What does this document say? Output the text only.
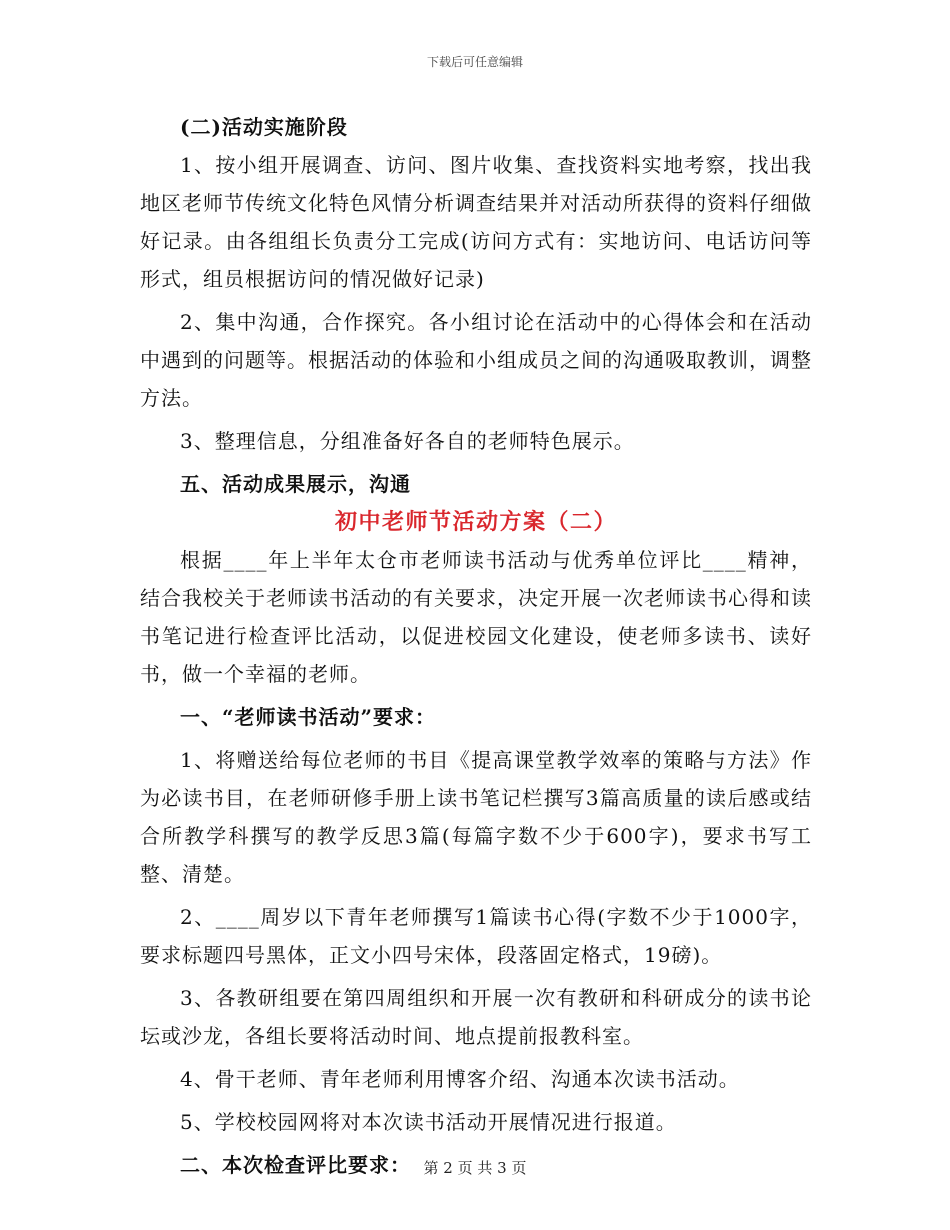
下载后可任意编辑

(二)活动实施阶段

1、按小组开展调查、访问、图片收集、查找资料实地考察，找出我地区老师节传统文化特色风情分析调查结果并对活动所获得的资料仔细做好记录。由各组组长负责分工完成(访问方式有：实地访问、电话访问等形式，组员根据访问的情况做好记录)

2、集中沟通，合作探究。各小组讨论在活动中的心得体会和在活动中遇到的问题等。根据活动的体验和小组成员之间的沟通吸取教训，调整方法。

3、整理信息，分组准备好各自的老师特色展示。

五、活动成果展示，沟通

初中老师节活动方案（二）

根据____年上半年太仓市老师读书活动与优秀单位评比____精神，结合我校关于老师读书活动的有关要求，决定开展一次老师读书心得和读书笔记进行检查评比活动，以促进校园文化建设，使老师多读书、读好书，做一个幸福的老师。

一、“老师读书活动”要求：

1、将赠送给每位老师的书目《提高课堂教学效率的策略与方法》作为必读书目，在老师研修手册上读书笔记栏撰写3篇高质量的读后感或结合所教学科撰写的教学反思3篇(每篇字数不少于600字)，要求书写工整、清楚。

2、____周岁以下青年老师撰写1篇读书心得(字数不少于1000字，要求标题四号黑体，正文小四号宋体，段落固定格式，19磅)。

3、各教研组要在第四周组织和开展一次有教研和科研成分的读书论坛或沙龙，各组长要将活动时间、地点提前报教科室。

4、骨干老师、青年老师利用博客介绍、沟通本次读书活动。

5、学校校园网将对本次读书活动开展情况进行报道。

二、本次检查评比要求： 第 2 页 共 3 页
